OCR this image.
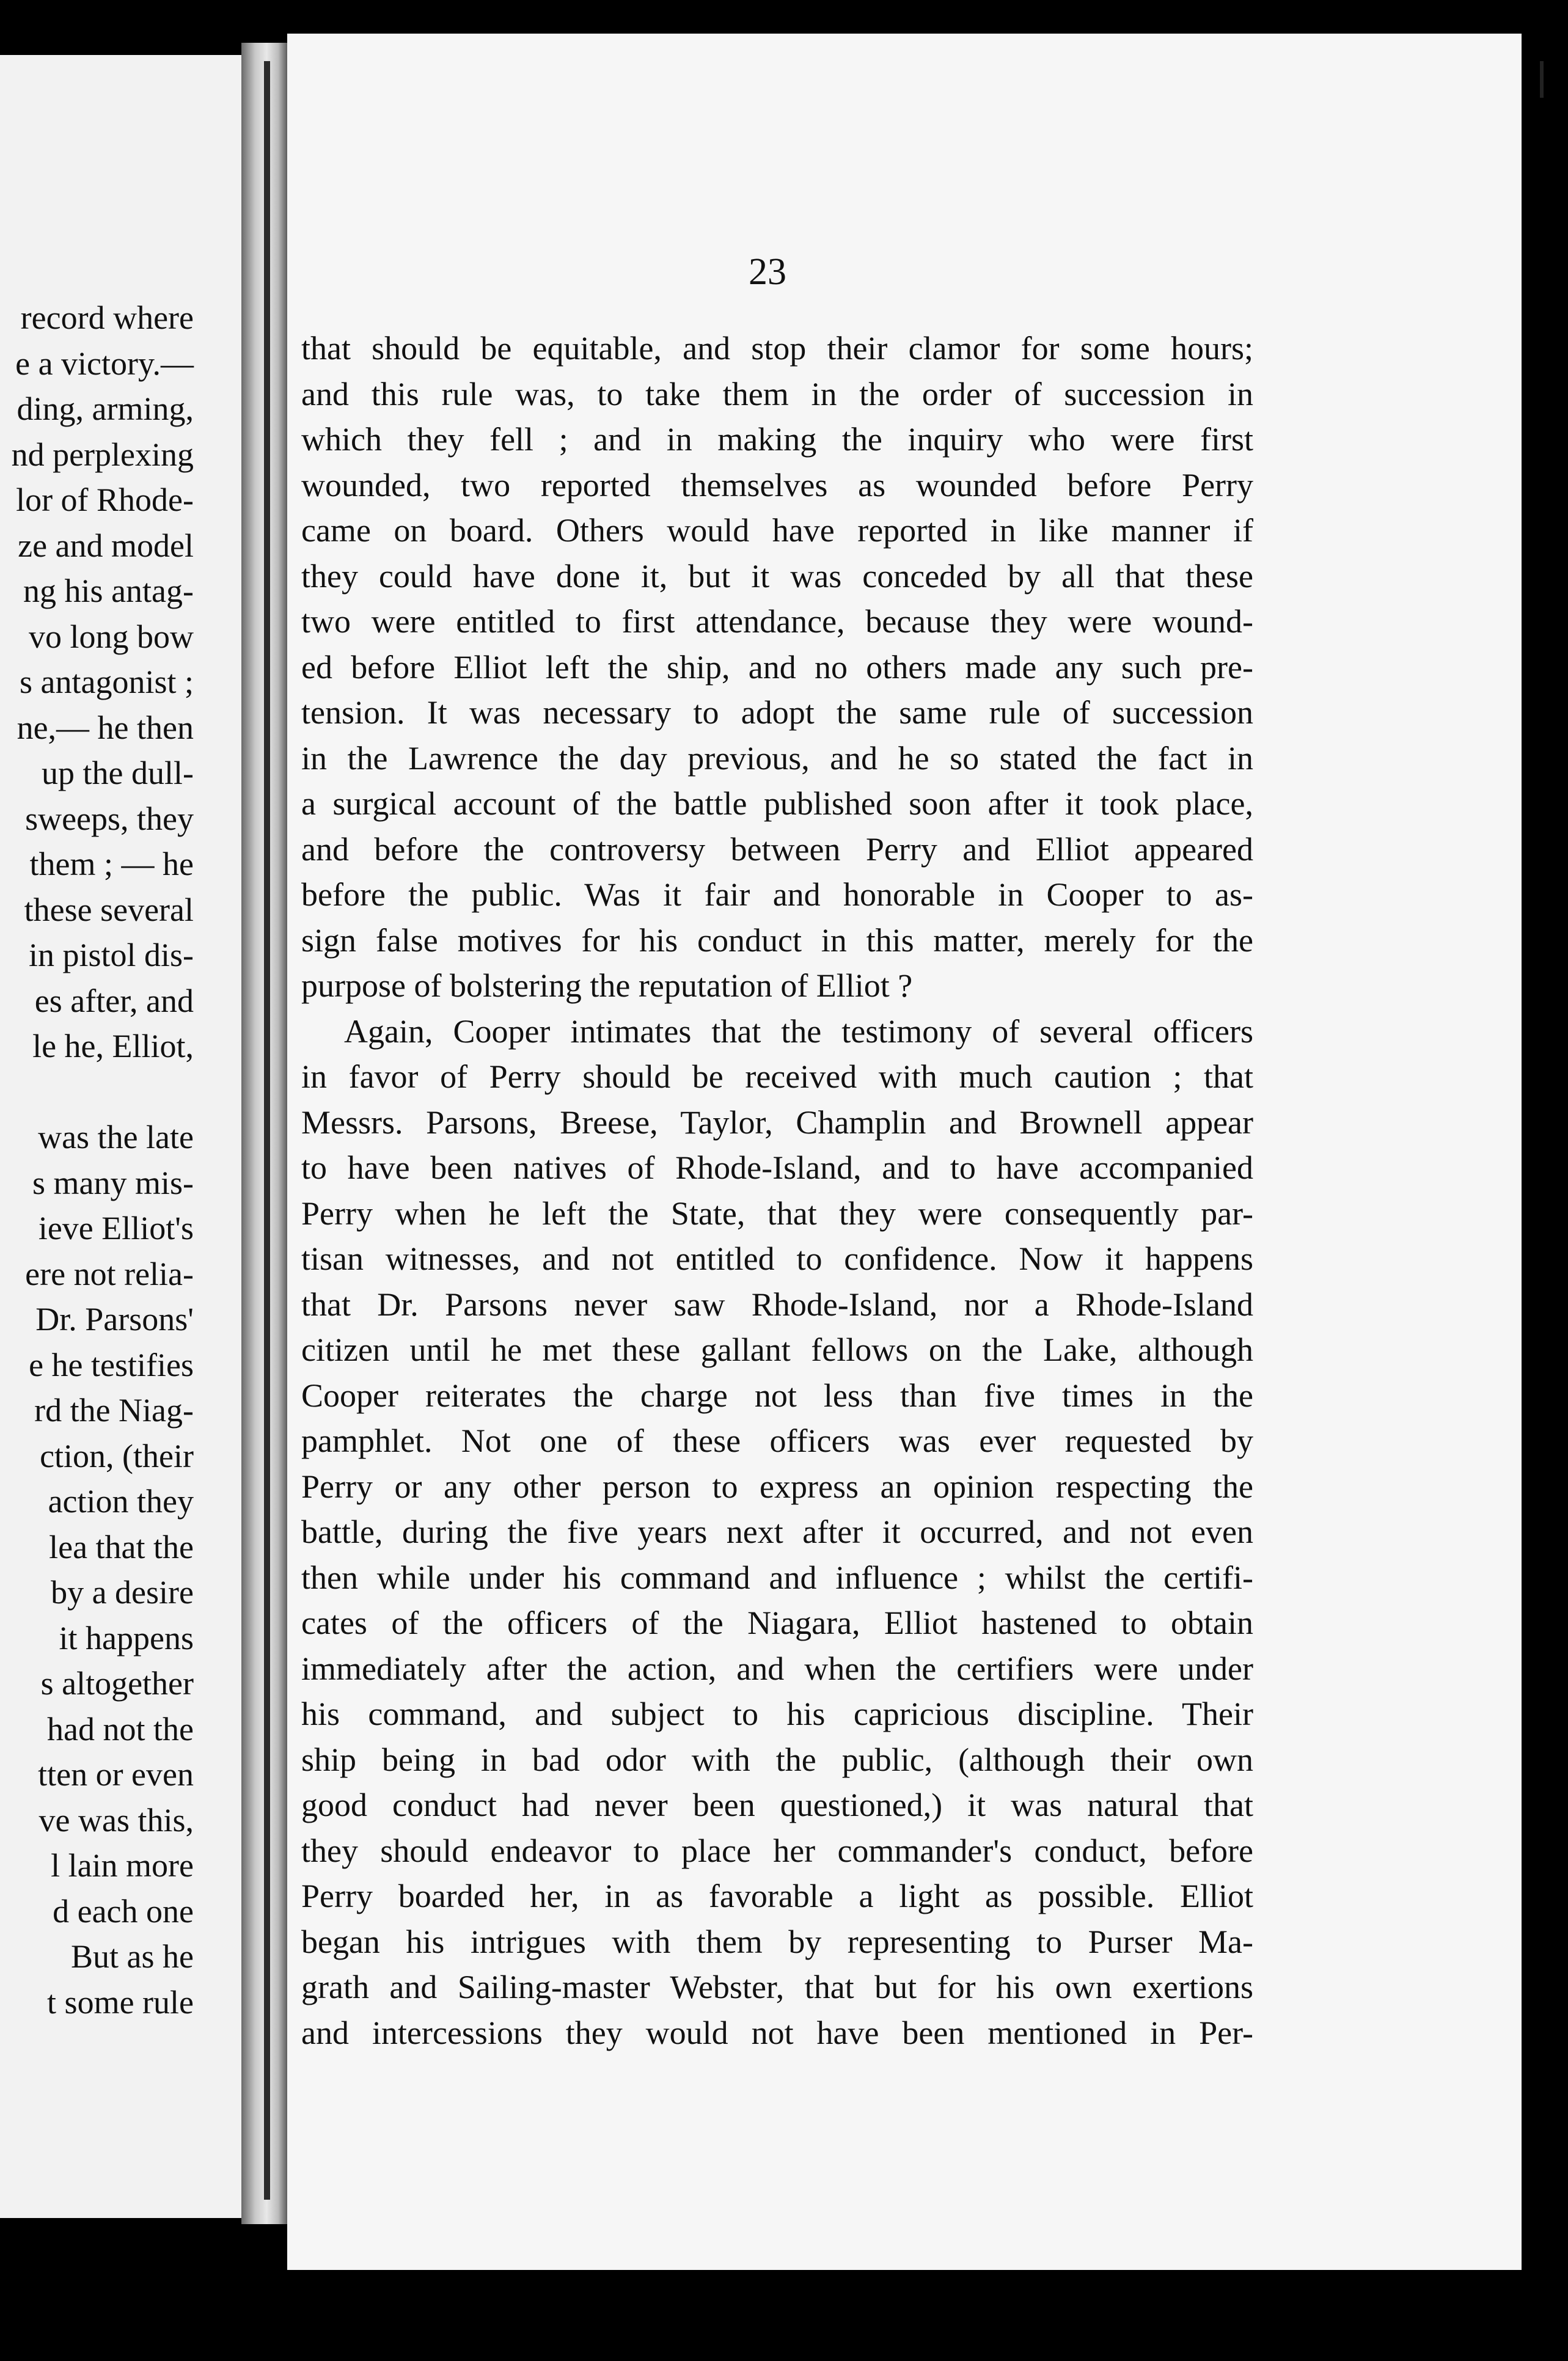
record where
e a victory.—
ding, arming,
nd perplexing
lor of Rhode-
ze and model
ng his antag-
vo long bow
s antagonist ;
ne,— he then
up the dull-
sweeps, they
them ; — he
these several
in pistol dis-
es after, and
le he, Elliot,
was the late
s many mis-
ieve Elliot's
ere not relia-
Dr. Parsons'
e he testifies
rd the Niag-
ction, (their
action they
lea that the
by a desire
it happens
s altogether
had not the
tten or even
ve was this,
l lain more
d each one
But as he
t some rule
23
that should be equitable, and stop their clamor for some hours;
and this rule was, to take them in the order of succession in
which they fell ; and in making the inquiry who were first
wounded, two reported themselves as wounded before Perry
came on board. Others would have reported in like manner if
they could have done it, but it was conceded by all that these
two were entitled to first attendance, because they were wound-
ed before Elliot left the ship, and no others made any such pre-
tension. It was necessary to adopt the same rule of succession
in the Lawrence the day previous, and he so stated the fact in
a surgical account of the battle published soon after it took place,
and before the controversy between Perry and Elliot appeared
before the public. Was it fair and honorable in Cooper to as-
sign false motives for his conduct in this matter, merely for the
purpose of bolstering the reputation of Elliot ?
Again, Cooper intimates that the testimony of several officers
in favor of Perry should be received with much caution ; that
Messrs. Parsons, Breese, Taylor, Champlin and Brownell appear
to have been natives of Rhode-Island, and to have accompanied
Perry when he left the State, that they were consequently par-
tisan witnesses, and not entitled to confidence. Now it happens
that Dr. Parsons never saw Rhode-Island, nor a Rhode-Island
citizen until he met these gallant fellows on the Lake, although
Cooper reiterates the charge not less than five times in the
pamphlet. Not one of these officers was ever requested by
Perry or any other person to express an opinion respecting the
battle, during the five years next after it occurred, and not even
then while under his command and influence ; whilst the certifi-
cates of the officers of the Niagara, Elliot hastened to obtain
immediately after the action, and when the certifiers were under
his command, and subject to his capricious discipline. Their
ship being in bad odor with the public, (although their own
good conduct had never been questioned,) it was natural that
they should endeavor to place her commander's conduct, before
Perry boarded her, in as favorable a light as possible. Elliot
began his intrigues with them by representing to Purser Ma-
grath and Sailing-master Webster, that but for his own exertions
and intercessions they would not have been mentioned in Per-
